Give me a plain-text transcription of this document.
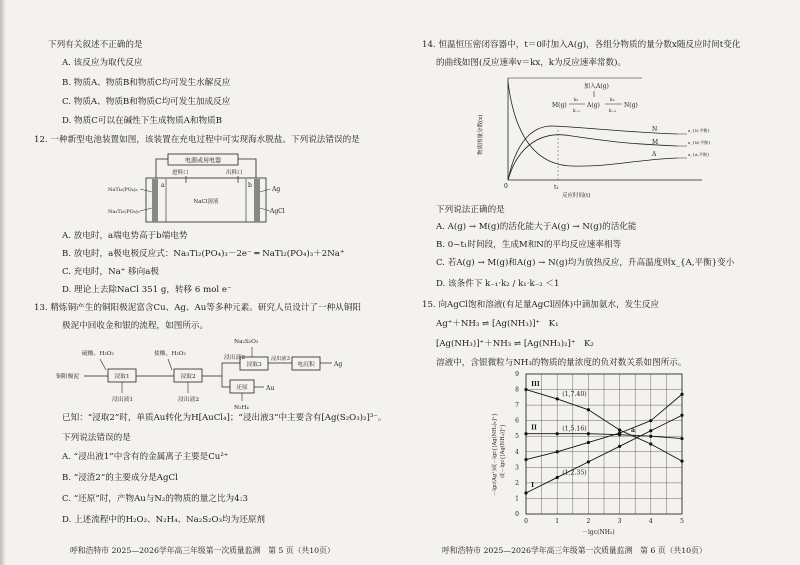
下列有关叙述不正确的是
A. 该反应为取代反应
B. 物质A、物质B和物质C均可发生水解反应
C. 物质A、物质B和物质C均可发生加成反应
D. 物质C可以在碱性下生成物质A和物质B
12. 一种新型电池装置如图，该装置在充电过程中可实现海水脱盐。下列说法错误的是
电源或用电器
进料口	出料口
a	b
NaCl溶液
NaTi₂(PO₄)₃
Na₃Ti₂(PO₄)₃
Ag
AgCl
A. 放电时，a端电势高于b端电势
B. 放电时，a极电极反应式：Na₃Ti₂(PO₄)₃－2e⁻ ═ NaTi₂(PO₄)₃＋2Na⁺
C. 充电时，Na⁺ 移向a极
D. 理论上去除NaCl 351 g，转移 6 mol e⁻
13. 精炼铜产生的铜阳极泥富含Cu、Ag、Au等多种元素。研究人员设计了一种从铜阳
极泥中回收金和银的流程，如图所示。
硫酸、H₂O₂	盐酸、H₂O₂
Na₂S₂O₃
铜阳极泥	浸取1
浸出液1
浸取2
浸出液2
浸取3
浸出液2	浸出液3
电沉积	Ag
还原	Au
N₂H₄
已知：“浸取2”时，单质Au转化为H[AuCl₄]；“浸出液3”中主要含有[Ag(S₂O₃)₂]³⁻。
下列说法错误的是
A. “浸出液1”中含有的金属离子主要是Cu²⁺
B. “浸渣2”的主要成分是AgCl
C. “还原”时，产物Au与N₂的物质的量之比为4:3
D. 上述流程中的H₂O₂、N₂H₄、Na₂S₂O₃均为还原剂
呼和浩特市 2025—2026学年高三年级第一次质量监测　第 5 页（共10页）
14. 恒温恒压密闭容器中，t＝0时加入A(g)，各组分物质的量分数x随反应时间t变化
的曲线如图(反应速率v＝kx，k为反应速率常数)。
物质的量分数(x)
0	t₁
反应时间(t)
加入A(g)
M(g)	A(g)	N(g)
k₁
k₋₁
k₂
k₋₂
N
M
A
x_{N,平衡}
x_{M,平衡}
x_{A,平衡}
下列说法正确的是
A. A(g) → M(g)的活化能大于A(g) → N(g)的活化能
B. 0~t₁时间段，生成M和N的平均反应速率相等
C. 若A(g) → M(g)和A(g) → N(g)均为放热反应，升高温度则x_{A,平衡}变小
D. 该条件下 k₋₁·k₂ / k₁·k₋₂ ＜1
15. 向AgCl饱和溶液(有足量AgCl固体)中滴加氨水，发生反应
Ag⁺＋NH₃ ⇌ [Ag(NH₃)]⁺　K₁
[Ag(NH₃)]⁺＋NH₃ ⇌ [Ag(NH₃)₂]⁺　K₂
溶液中，含银微粒与NH₃的物质的量浓度的负对数关系如图所示。
－lgc(Ag⁺)或－lgc{[Ag(NH₃)₂]⁺} 或－lgc{[Ag(NH₃)]⁺}
0
1
2
3
4
5
6
7
8
9
0	1	2	3	4	5
(1,7.40)
(1,5.16)
(1,2.35)
a
III
II
I
－lgc(NH₃)
呼和浩特市 2025—2026学年高三年级第一次质量监测　第 6 页（共10页）
